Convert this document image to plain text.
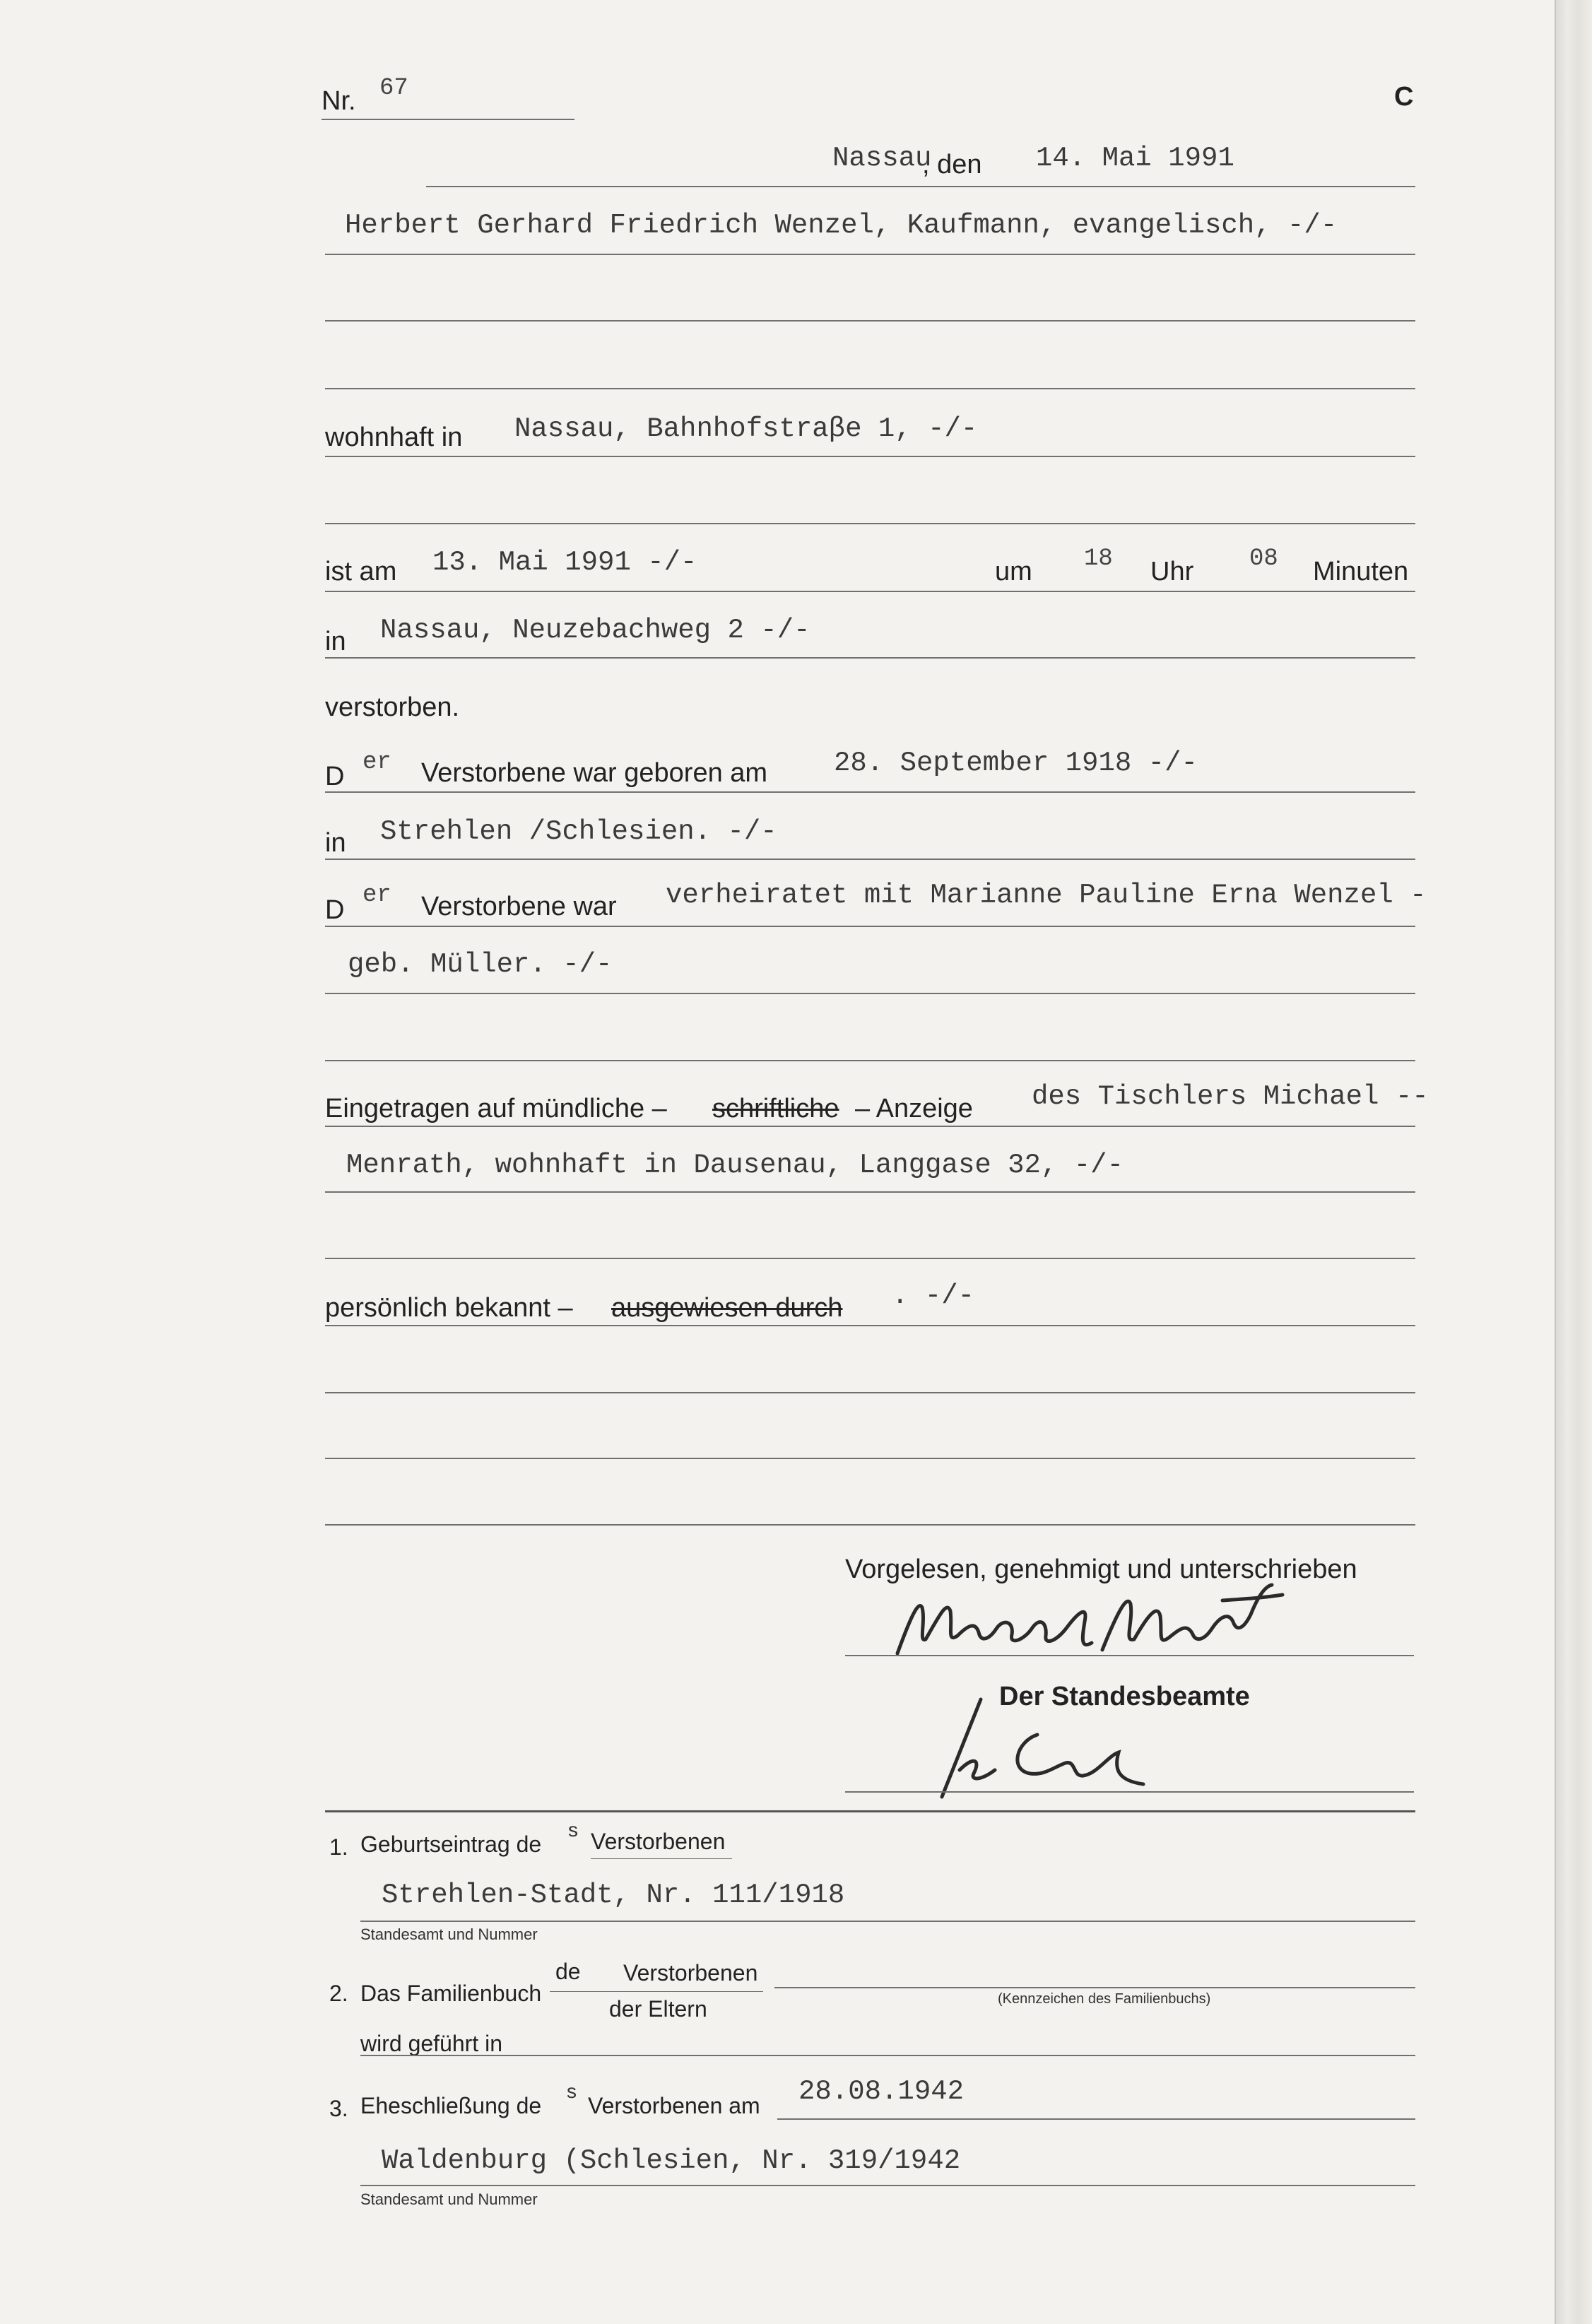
Nr. 67	C
Nassau
, den 14. Mai 1991
Herbert Gerhard Friedrich Wenzel, Kaufmann, evangelisch, -/-
wohnhaft in Nassau, Bahnhofstraβe 1, -/-
ist am 13. Mai 1991 -/-	um 18 Uhr 08 Minuten
in Nassau, Neuzebachweg 2 -/-
verstorben.
D er Verstorbene war geboren am 28. September 1918 -/-
in Strehlen /Schlesien. -/-
D er Verstorbene war verheiratet mit Marianne Pauline Erna Wenzel -
geb. Müller. -/-
Eingetragen auf mündliche – schriftliche – Anzeige des Tischlers Michael --
Menrath, wohnhaft in Dausenau, Langgase 32, -/-
persönlich bekannt – ausgewiesen durch . -/-
Vorgelesen, genehmigt und unterschrieben
Der Standesbeamte
1. Geburtseintrag de
s Verstorbenen
Strehlen-Stadt, Nr. 111/1918
Standesamt und Nummer
2. Das Familienbuch
de Verstorbenen
der Eltern	(Kennzeichen des Familienbuchs)
wird geführt in
3. Eheschließung de
s
Verstorbenen am 28.08.1942
Waldenburg (Schlesien, Nr. 319/1942
Standesamt und Nummer
